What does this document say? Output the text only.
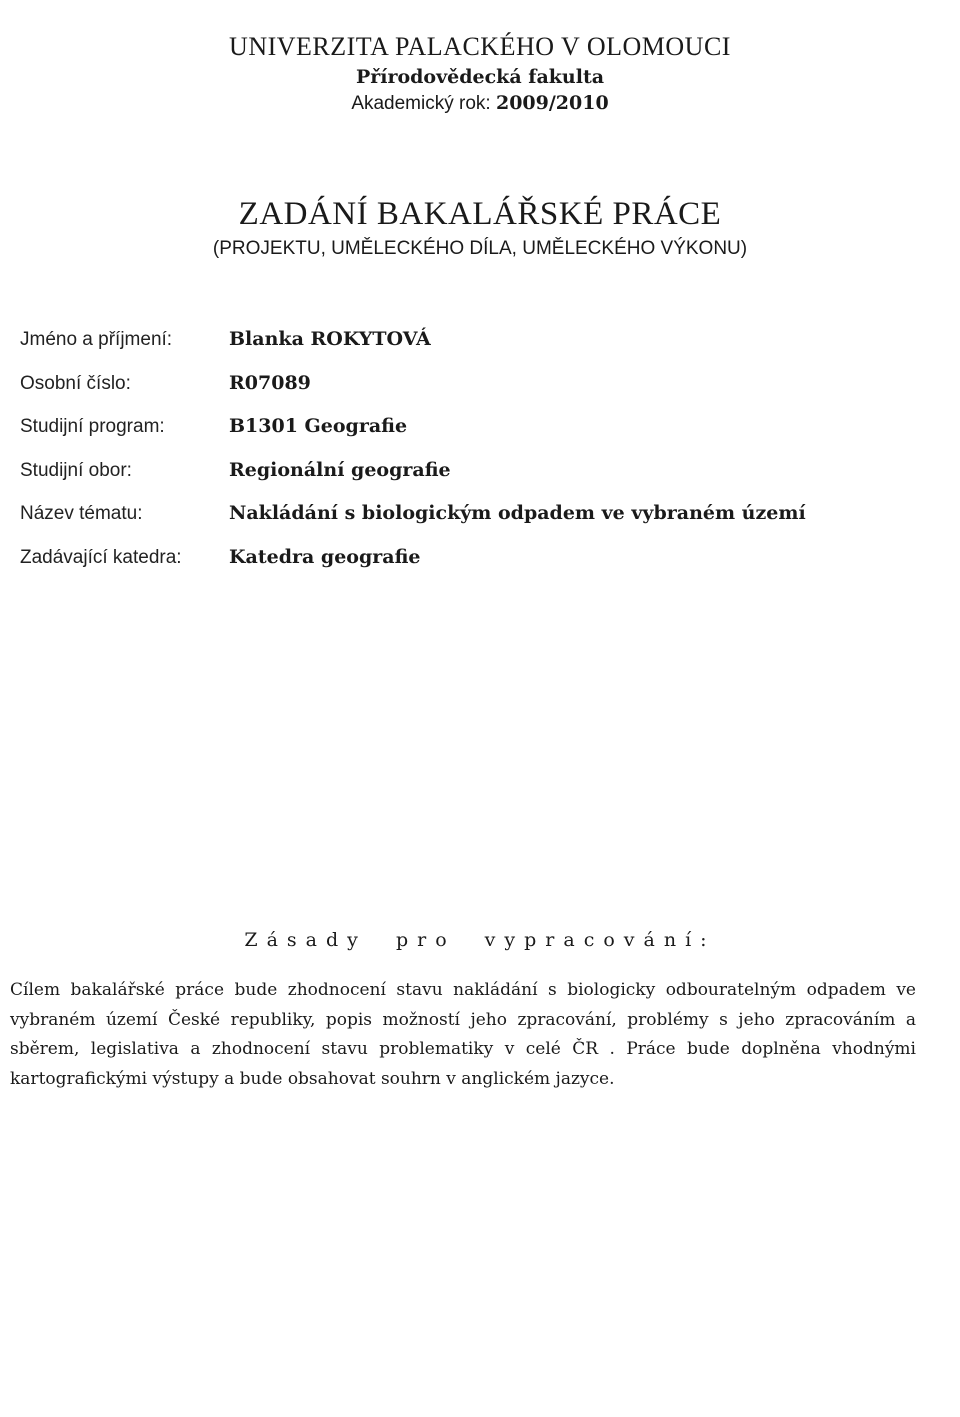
UNIVERZITA PALACKÉHO V OLOMOUCI
Přírodovědecká fakulta
Akademický rok: 2009/2010
ZADÁNÍ BAKALÁŘSKÉ PRÁCE
(PROJEKTU, UMĚLECKÉHO DÍLA, UMĚLECKÉHO VÝKONU)
Jméno a příjmení:	Blanka ROKYTOVÁ
Osobní číslo:	R07089
Studijní program:	B1301 Geografie
Studijní obor:	Regionální geografie
Název tématu:	Nakládání s biologickým odpadem ve vybraném území
Zadávající katedra: Katedra geografie
Zásady pro vypracování:
Cílem bakalářské práce bude zhodnocení stavu nakládání s biologicky odbouratelným odpadem ve vybraném území České republiky, popis možností jeho zpracování, problémy s jeho zpracováním a sběrem, legislativa a zhodnocení stavu problematiky v celé ČR . Práce bude doplněna vhodnými kartografickými výstupy a bude obsahovat souhrn v anglickém jazyce.
